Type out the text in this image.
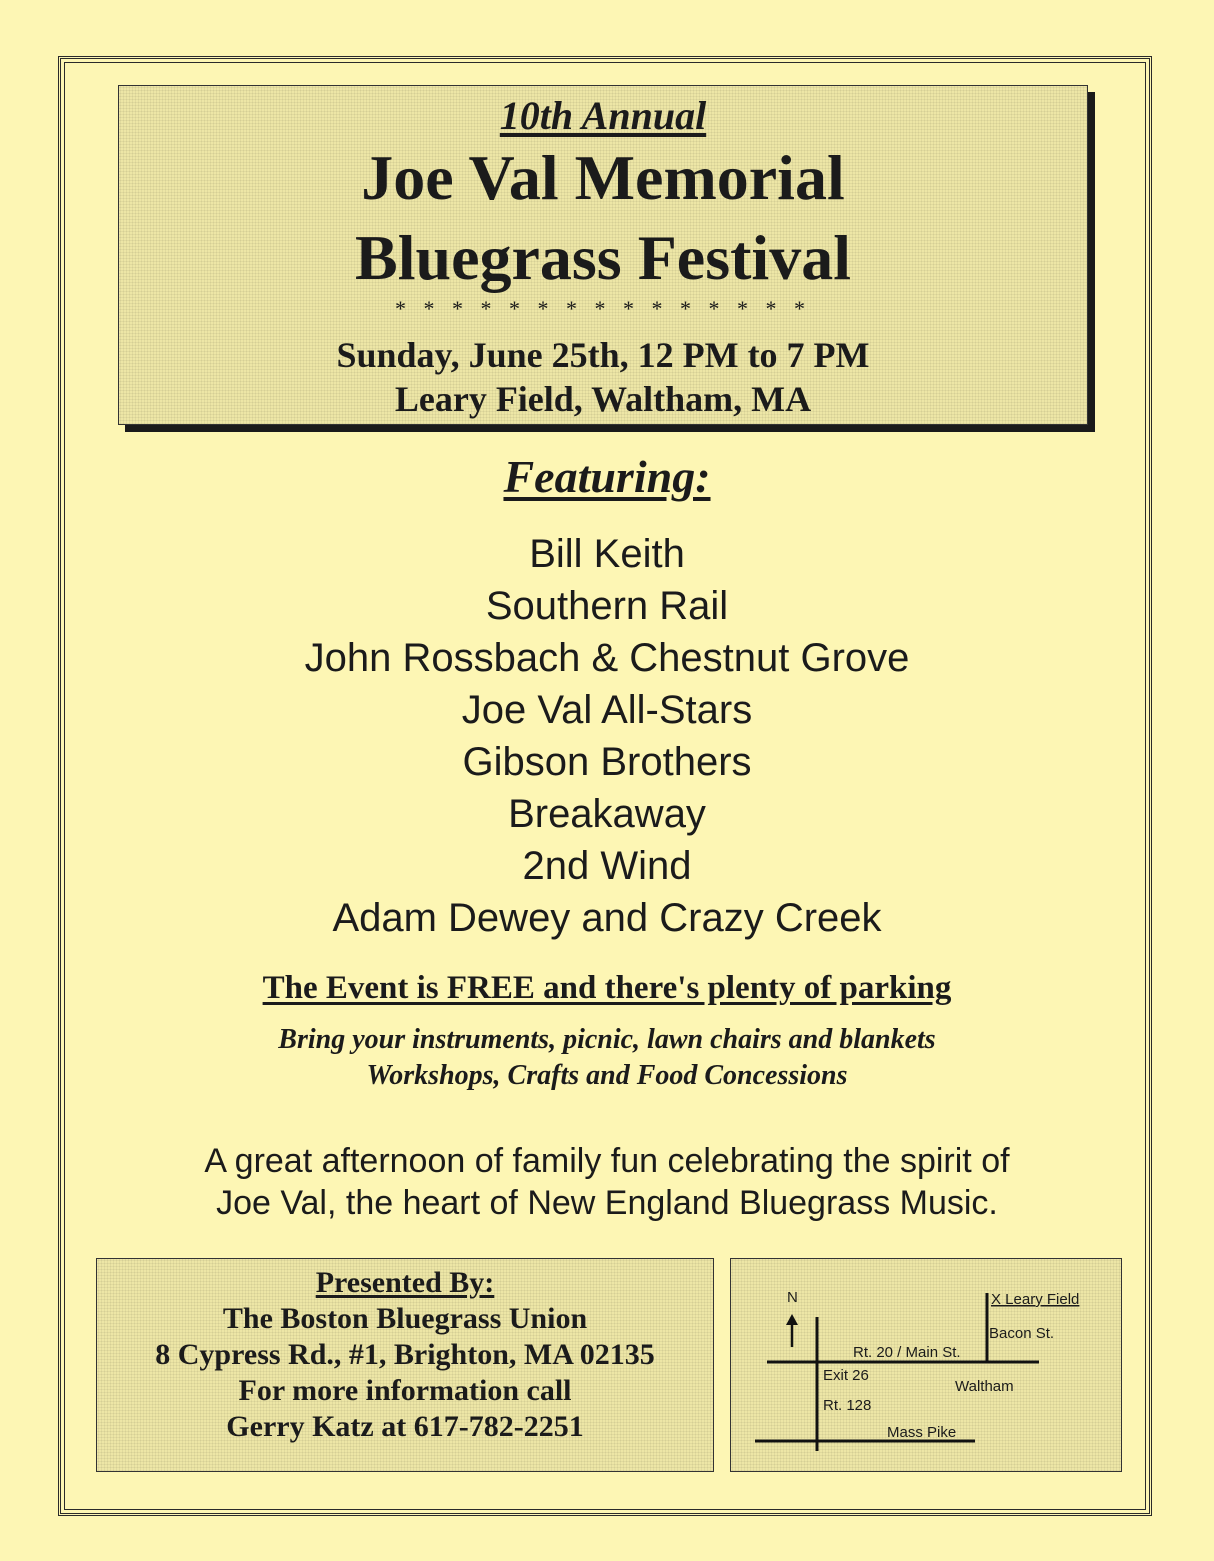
10th Annual
Joe Val Memorial
Bluegrass Festival
* * * * * * * * * * * * * * *
Sunday, June 25th, 12 PM to 7 PM
Leary Field, Waltham, MA
Featuring:
Bill Keith
Southern Rail
John Rossbach & Chestnut Grove
Joe Val All-Stars
Gibson Brothers
Breakaway
2nd Wind
Adam Dewey and Crazy Creek
The Event is FREE and there's plenty of parking
Bring your instruments, picnic, lawn chairs and blankets
Workshops, Crafts and Food Concessions
A great afternoon of family fun celebrating the spirit of
Joe Val, the heart of New England Bluegrass Music.
Presented By:
The Boston Bluegrass Union
8 Cypress Rd., #1, Brighton, MA 02135
For more information call
Gerry Katz at 617-782-2251
N	X Leary Field
Bacon St.
Rt. 20 / Main St.
Exit 26
Waltham
Rt. 128
Mass Pike
